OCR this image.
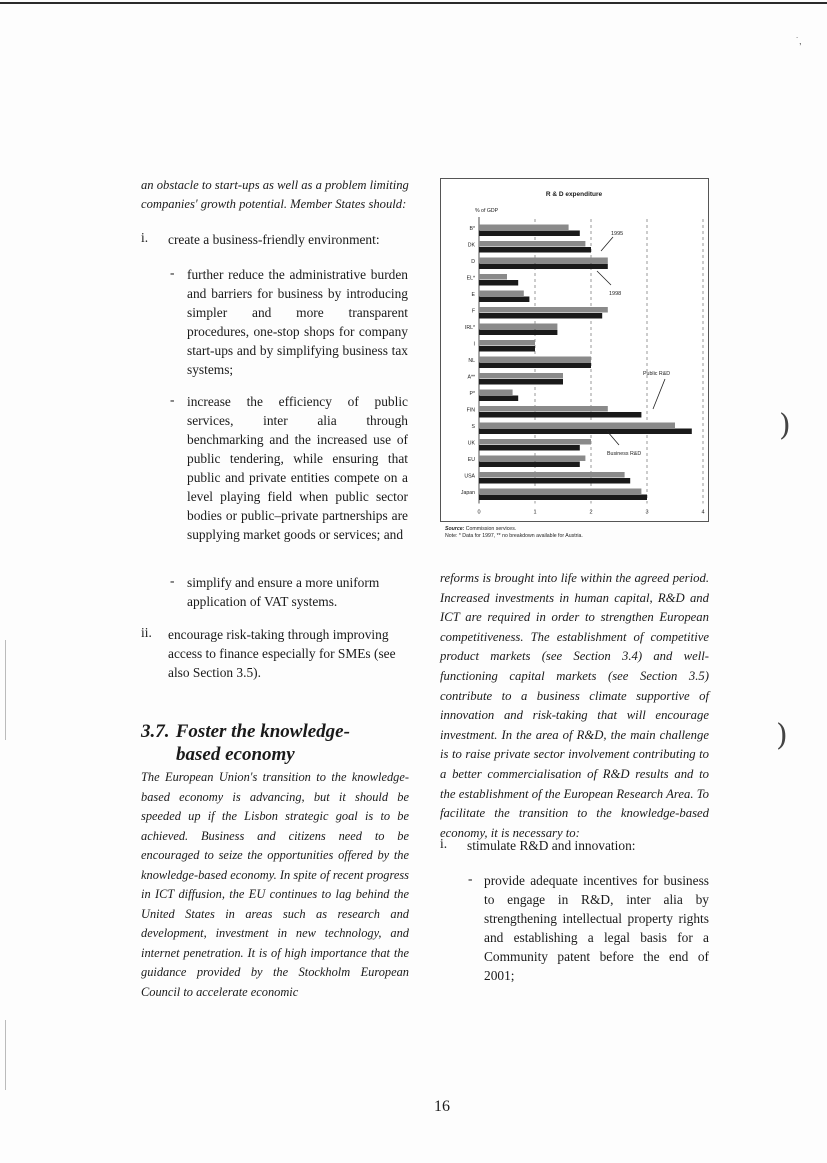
˙,
)
)

an obstacle to start-ups as well as a problem limiting companies' growth potential. Member States should:

i. create a business-friendly environment:
- further reduce the administrative burden and barriers for business by introducing simpler and more transparent procedures, one-stop shops for company start-ups and by simplifying business tax systems;

- increase the efficiency of public services, inter alia through benchmarking and the increased use of public tendering, while ensuring that public and private entities compete on a level playing field when public sector bodies or public–private partnerships are supplying market goods or services; and

- simplify and ensure a more uniform application of VAT systems.

ii. encourage risk-taking through improving access to finance especially for SMEs (see also Section 3.5).
3.7. Foster the knowledge-
based economy

The European Union's transition to the knowledge-based economy is advancing, but it should be speeded up if the Lisbon strategic goal is to be achieved. Business and citizens need to be encouraged to seize the opportunities offered by the knowledge-based economy. In spite of recent progress in ICT diffusion, the EU continues to lag behind the United States in areas such as research and development, investment in new technology, and internet penetration. It is of high importance that the guidance provided by the Stockholm European Council to accelerate economic

R & D expenditure
% of GDP
B*
DK
D
EL*
E
F
IRL*
I
NL
A**
P*
FIN
S
UK
EU
USA
Japan
0	1	2	3	4
1995
1998
Public R&D
Business R&D
Source: Commission services.
Note: * Data for 1997, ** no breakdown available for Austria.

reforms is brought into life within the agreed period. Increased investments in human capital, R&D and ICT are required in order to strengthen European competitiveness. The establishment of competitive product markets (see Section 3.4) and well-functioning capital markets (see Section 3.5) contribute to a business climate supportive of innovation and risk-taking that will encourage investment. In the area of R&D, the main challenge is to raise private sector involvement contributing to a better commercialisation of R&D results and to the establishment of the European Research Area. To facilitate the transition to the knowledge-based economy, it is necessary to:

i. stimulate R&D and innovation:
- provide adequate incentives for business to engage in R&D, inter alia by strengthening intellectual property rights and establishing a legal basis for a Community patent before the end of 2001;

16
